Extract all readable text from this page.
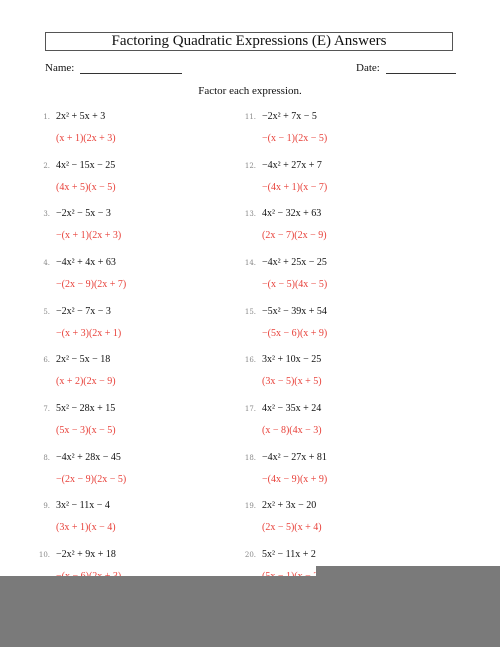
Factoring Quadratic Expressions (E) Answers
Name:	Date:
Factor each expression.
1. 2x² + 5x + 3
(x + 1)(2x + 3)
2. 4x² − 15x − 25
(4x + 5)(x − 5)
3. −2x² − 5x − 3
−(x + 1)(2x + 3)
4. −4x² + 4x + 63
−(2x − 9)(2x + 7)
5. −2x² − 7x − 3
−(x + 3)(2x + 1)
6. 2x² − 5x − 18
(x + 2)(2x − 9)
7. 5x² − 28x + 15
(5x − 3)(x − 5)
8. −4x² + 28x − 45
−(2x − 9)(2x − 5)
9. 3x² − 11x − 4
(3x + 1)(x − 4)
10. −2x² + 9x + 18
11. −2x² + 7x − 5
−(x − 1)(2x − 5)
12. −4x² + 27x + 7
−(4x + 1)(x − 7)
13. 4x² − 32x + 63
(2x − 7)(2x − 9)
14. −4x² + 25x − 25
−(x − 5)(4x − 5)
15. −5x² − 39x + 54
−(5x − 6)(x + 9)
16. 3x² + 10x − 25
(3x − 5)(x + 5)
17. 4x² − 35x + 24
(x − 8)(4x − 3)
18. −4x² − 27x + 81
−(4x − 9)(x + 9)
19. 2x² + 3x − 20
(2x − 5)(x + 4)
20. 5x² − 11x + 2
